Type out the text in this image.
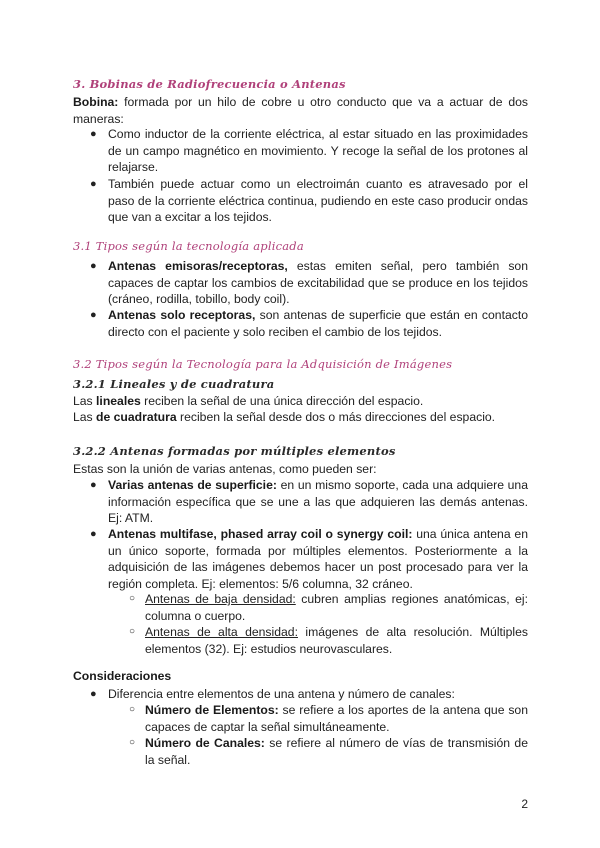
3. Bobinas de Radiofrecuencia o Antenas
Bobina: formada por un hilo de cobre u otro conducto que va a actuar de dos maneras:
● Como inductor de la corriente eléctrica, al estar situado en las proximidades de un campo magnético en movimiento. Y recoge la señal de los protones al relajarse.
● También puede actuar como un electroimán cuanto es atravesado por el paso de la corriente eléctrica continua, pudiendo en este caso producir ondas que van a excitar a los tejidos.
3.1 Tipos según la tecnología aplicada
● Antenas emisoras/receptoras, estas emiten señal, pero también son capaces de captar los cambios de excitabilidad que se produce en los tejidos (cráneo, rodilla, tobillo, body coil).
● Antenas solo receptoras, son antenas de superficie que están en contacto directo con el paciente y solo reciben el cambio de los tejidos.
3.2 Tipos según la Tecnología para la Adquisición de Imágenes
3.2.1 Lineales y de cuadratura
Las lineales reciben la señal de una única dirección del espacio.
Las de cuadratura reciben la señal desde dos o más direcciones del espacio.
3.2.2 Antenas formadas por múltiples elementos
Estas son la unión de varias antenas, como pueden ser:
● Varias antenas de superficie: en un mismo soporte, cada una adquiere una información específica que se une a las que adquieren las demás antenas. Ej: ATM.
● Antenas multifase, phased array coil o synergy coil: una única antena en un único soporte, formada por múltiples elementos. Posteriormente a la adquisición de las imágenes debemos hacer un post procesado para ver la región completa. Ej: elementos: 5/6 columna, 32 cráneo.
○ Antenas de baja densidad: cubren amplias regiones anatómicas, ej: columna o cuerpo.
○ Antenas de alta densidad: imágenes de alta resolución. Múltiples elementos (32). Ej: estudios neurovasculares.
Consideraciones
● Diferencia entre elementos de una antena y número de canales:
○ Número de Elementos: se refiere a los aportes de la antena que son capaces de captar la señal simultáneamente.
○ Número de Canales: se refiere al número de vías de transmisión de la señal.
2
